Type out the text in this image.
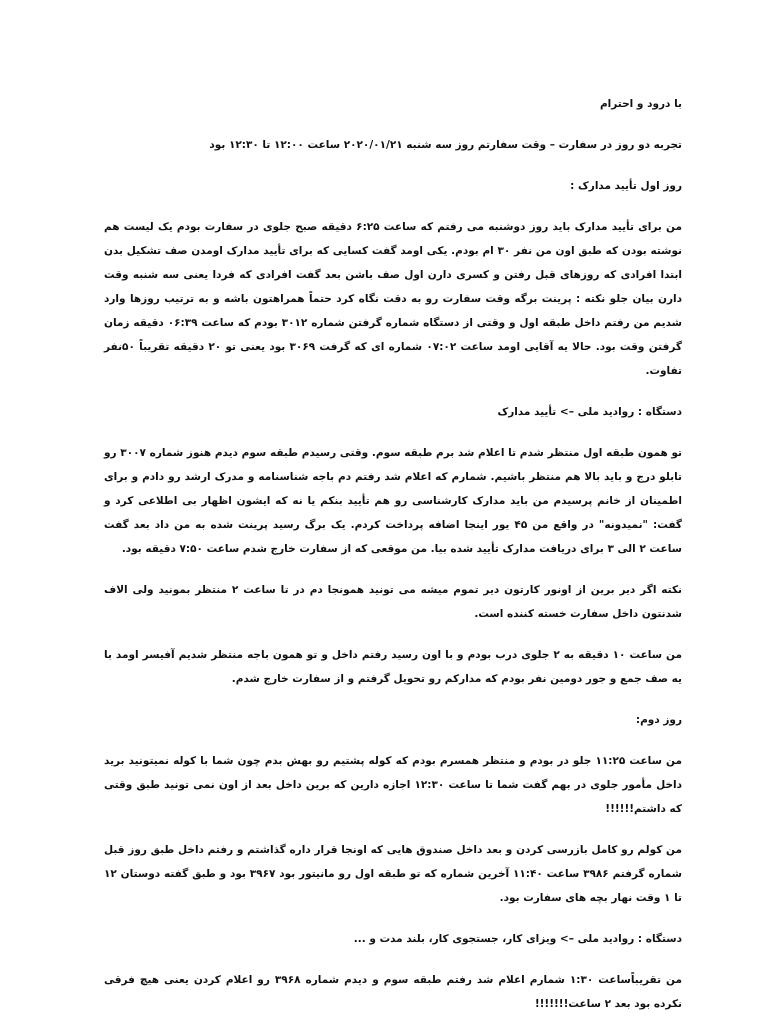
با درود و احترام

تجربه دو روز در سفارت – وقت سفارتم روز سه شنبه ۲۰۲۰/۰۱/۲۱ ساعت ۱۲:۰۰ تا ۱۲:۳۰ بود

روز اول تأیید مدارک :

من برای تأیید مدارک باید روز دوشنبه می رفتم که ساعت ۶:۲۵ دقیقه صبح جلوی در سفارت بودم یک لیست هم نوشته بودن که طبق اون من نفر ۳۰ ام بودم. یکی اومد گفت کسایی که برای تأیید مدارک اومدن صف تشکیل بدن ابتدا افرادی که روزهای قبل رفتن و کسری دارن اول صف باشن بعد گفت افرادی که فردا یعنی سه شنبه وقت دارن بیان جلو نکته : پرینت برگه وقت سفارت رو به دقت نگاه کرد حتماً همراهتون باشه و به ترتیب روزها وارد شدیم من رفتم داخل طبقه اول و وقتی از دستگاه شماره گرفتن شماره ۳۰۱۲ بودم که ساعت ۰۶:۳۹ دقیقه زمان گرفتن وقت بود. حالا یه آقایی اومد ساعت ۰۷:۰۲ شماره ای که گرفت ۳۰۶۹ بود یعنی تو ۲۰ دقیقه تقریباً ۵۰نفر تفاوت.

دستگاه : روادید ملی –> تأیید مدارک

تو همون طبقه اول منتظر شدم تا اعلام شد برم طبقه سوم. وقتی رسیدم طبقه سوم دیدم هنوز شماره ۳۰۰۷ رو تابلو درج و باید بالا هم منتظر باشیم. شمارم که اعلام شد رفتم دم باجه شناسنامه و مدرک ارشد رو دادم و برای اطمینان از خانم پرسیدم من باید مدارک کارشناسی رو هم تأیید بنکم یا نه که ایشون اظهار بی اطلاعی کرد و گفت: "نمیدونه" در واقع من ۴۵ یور اینجا اضافه پرداخت کردم. یک برگ رسید پرینت شده به من داد بعد گفت ساعت ۲ الی ۳ برای دریافت مدارک تأیید شده بیا. من موقعی که از سفارت خارج شدم ساعت ۷:۵۰ دقیقه بود.

نکته اگر دیر برین از اونور کارتون دیر تموم میشه می تونید همونجا دم در تا ساعت ۲ منتظر بمونید ولی الاف شدنتون داخل سفارت خسته کننده است.

من ساعت ۱۰ دقیقه به ۲ جلوی درب بودم و با اون رسید رفتم داخل و تو همون باجه منتظر شدیم آفیسر اومد با یه صف جمع و جور دومین نفر بودم که مدارکم رو تحویل گرفتم و از سفارت خارج شدم.

روز دوم:

من ساعت ۱۱:۲۵ جلو در بودم و منتظر همسرم بودم که کوله پشتیم رو بهش بدم چون شما با کوله نمیتونید برید داخل مأمور جلوی در بهم گفت شما تا ساعت ۱۲:۳۰ اجازه دارین که برین داخل بعد از اون نمی تونید طبق وقتی که داشتم!!!!!!

من کولم رو کامل بازرسی کردن و بعد داخل صندوق هایی که اونجا قرار داره گذاشتم و رفتم داخل طبق روز قبل شماره گرفتم ۳۹۸۶ ساعت ۱۱:۴۰ آخرین شماره که تو طبقه اول رو مانیتور بود ۳۹۶۷ بود و طبق گفته دوستان ۱۲ تا ۱ وقت نهار بچه های سفارت بود.

دستگاه : روادید ملی –> ویزای کار، جستجوی کار، بلند مدت و ...

من تقریباًساعت ۱:۳۰ شمارم اعلام شد رفتم طبقه سوم و دیدم شماره ۳۹۶۸ رو اعلام کردن یعنی هیچ فرقی نکرده بود بعد ۲ ساعت!!!!!!!
